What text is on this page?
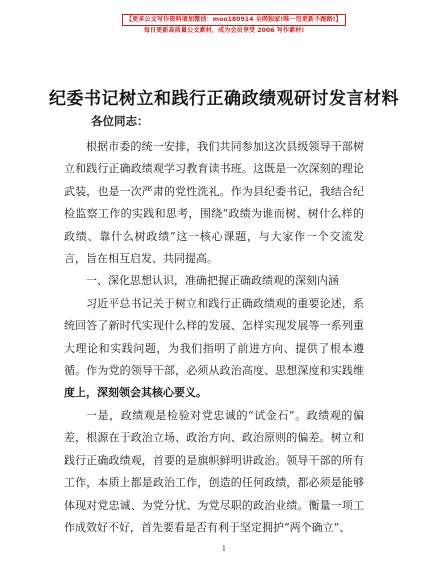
【更多公文写作资料请加微信：moo180914 全网独家!唯一包更新不跑路!】
每日更新高质量公文素材，成为会员享受 2006 写作素材!
纪委书记树立和践行正确政绩观研讨发言材料
各位同志：

根据市委的统一安排，我们共同参加这次县级领导干部树立和践行正确政绩观学习教育读书班。这既是一次深刻的理论武装，也是一次严肃的党性洗礼。作为县纪委书记，我结合纪检监察工作的实践和思考，围绕“政绩为谁而树、树什么样的政绩、靠什么树政绩”这一核心课题，与大家作一个交流发言，旨在相互启发、共同提高。

一、深化思想认识，准确把握正确政绩观的深刻内涵

习近平总书记关于树立和践行正确政绩观的重要论述，系统回答了新时代实现什么样的发展、怎样实现发展等一系列重大理论和实践问题，为我们指明了前进方向、提供了根本遵循。作为党的领导干部，必须从政治高度、思想深度和实践维度上，深刻领会其核心要义。

一是，政绩观是检验对党忠诚的“试金石”。政绩观的偏差，根源在于政治立场、政治方向、政治原则的偏差。树立和践行正确政绩观，首要的是旗帜鲜明讲政治。领导干部的所有工作，本质上都是政治工作，创造的任何政绩，都必须是能够体现对党忠诚、为党分忧、为党尽职的政治业绩。衡量一项工作成效好不好，首先要看是否有利于坚定拥护“两个确立”、

1
